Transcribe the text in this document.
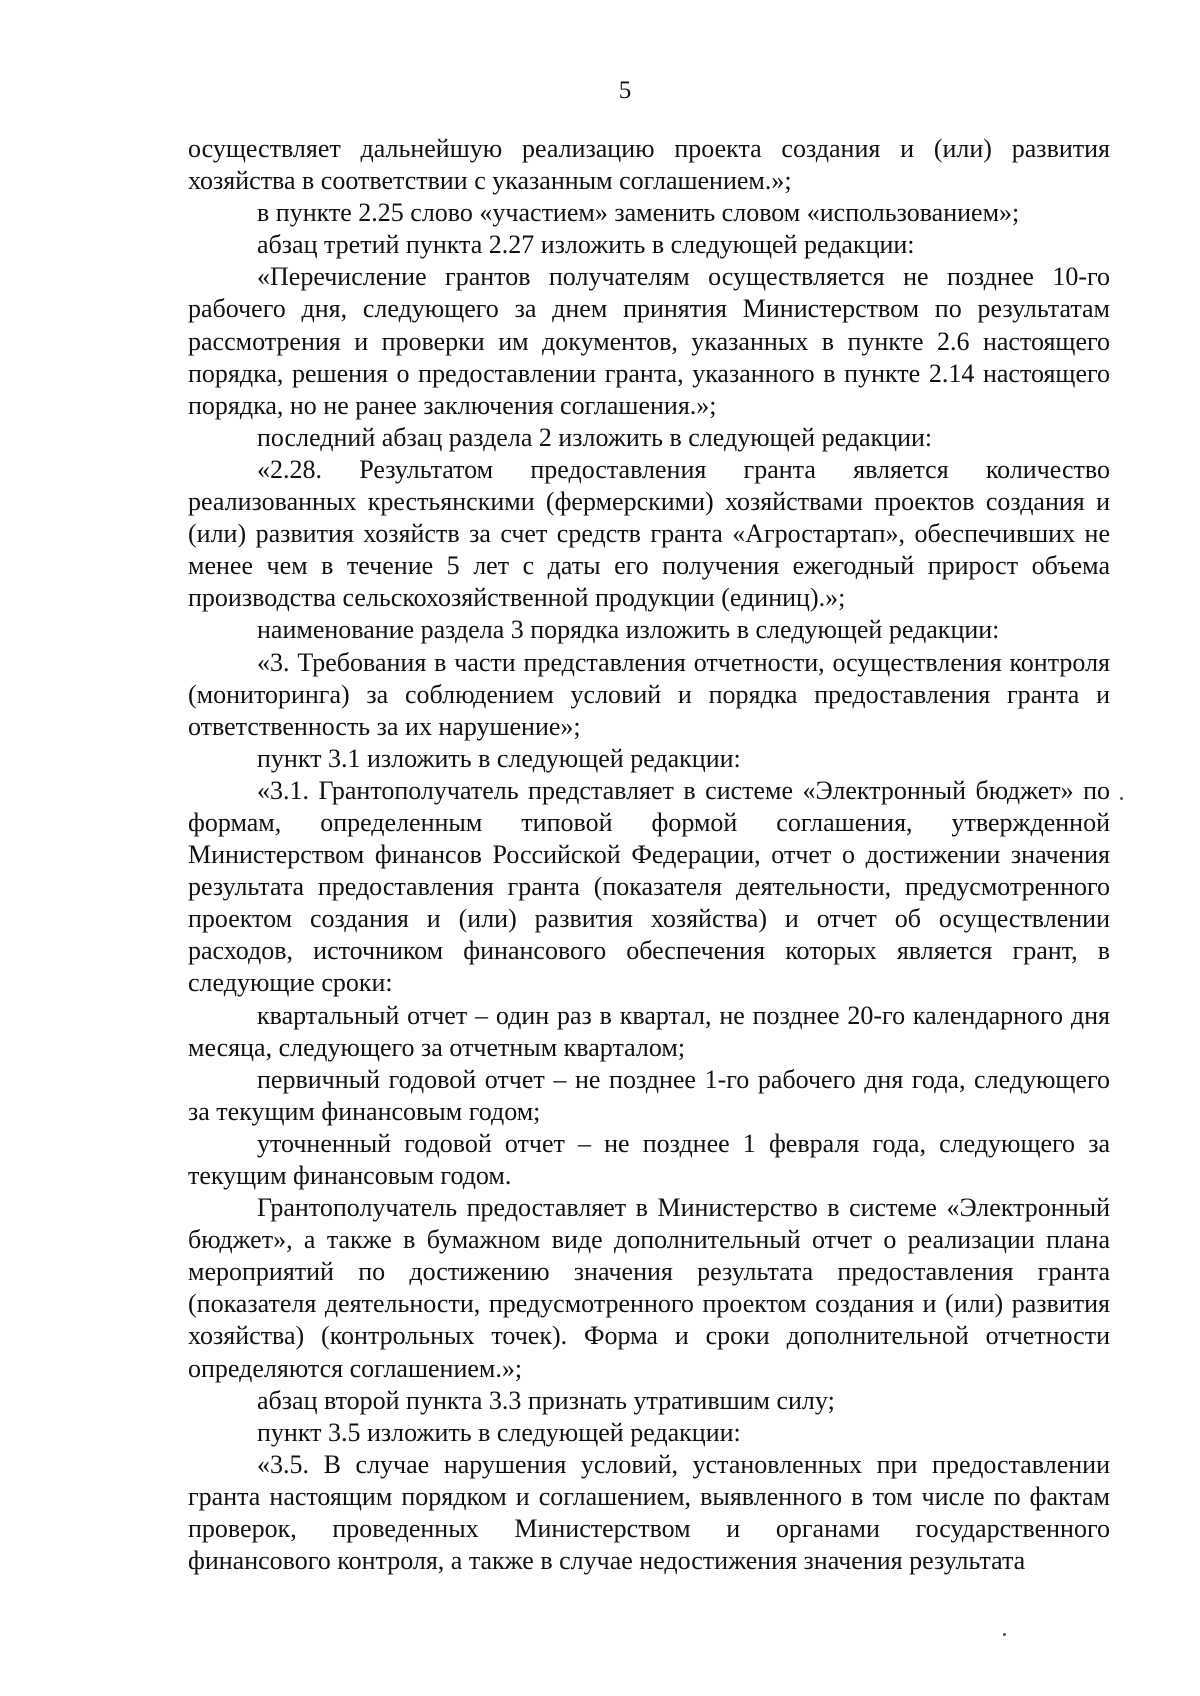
5

осуществляет дальнейшую реализацию проекта создания и (или) развития хозяйства в соответствии с указанным соглашением.»;

в пункте 2.25 слово «участием» заменить словом «использованием»;

абзац третий пункта 2.27 изложить в следующей редакции:

«Перечисление грантов получателям осуществляется не позднее 10-го рабочего дня, следующего за днем принятия Министерством по результатам рассмотрения и проверки им документов, указанных в пункте 2.6 настоящего порядка, решения о предоставлении гранта, указанного в пункте 2.14 настоящего порядка, но не ранее заключения соглашения.»;

последний абзац раздела 2 изложить в следующей редакции:

«2.28. Результатом предоставления гранта является количество реализованных крестьянскими (фермерскими) хозяйствами проектов создания и (или) развития хозяйств за счет средств гранта «Агростартап», обеспечивших не менее чем в течение 5 лет с даты его получения ежегодный прирост объема производства сельскохозяйственной продукции (единиц).»;

наименование раздела 3 порядка изложить в следующей редакции:

«3. Требования в части представления отчетности, осуществления контроля (мониторинга) за соблюдением условий и порядка предоставления гранта и ответственность за их нарушение»;

пункт 3.1 изложить в следующей редакции:

«3.1. Грантополучатель представляет в системе «Электронный бюджет» по формам, определенным типовой формой соглашения, утвержденной Министерством финансов Российской Федерации, отчет о достижении значения результата предоставления гранта (показателя деятельности, предусмотренного проектом создания и (или) развития хозяйства) и отчет об осуществлении расходов, источником финансового обеспечения которых является грант, в следующие сроки:

квартальный отчет – один раз в квартал, не позднее 20-го календарного дня месяца, следующего за отчетным кварталом;

первичный годовой отчет – не позднее 1-го рабочего дня года, следующего за текущим финансовым годом;

уточненный годовой отчет – не позднее 1 февраля года, следующего за текущим финансовым годом.

Грантополучатель предоставляет в Министерство в системе «Электронный бюджет», а также в бумажном виде дополнительный отчет о реализации плана мероприятий по достижению значения результата предоставления гранта (показателя деятельности, предусмотренного проектом создания и (или) развития хозяйства) (контрольных точек). Форма и сроки дополнительной отчетности определяются соглашением.»;

абзац второй пункта 3.3 признать утратившим силу;

пункт 3.5 изложить в следующей редакции:

«3.5. В случае нарушения условий, установленных при предоставлении гранта настоящим порядком и соглашением, выявленного в том числе по фактам проверок, проведенных Министерством и органами государственного финансового контроля, а также в случае недостижения значения результата
